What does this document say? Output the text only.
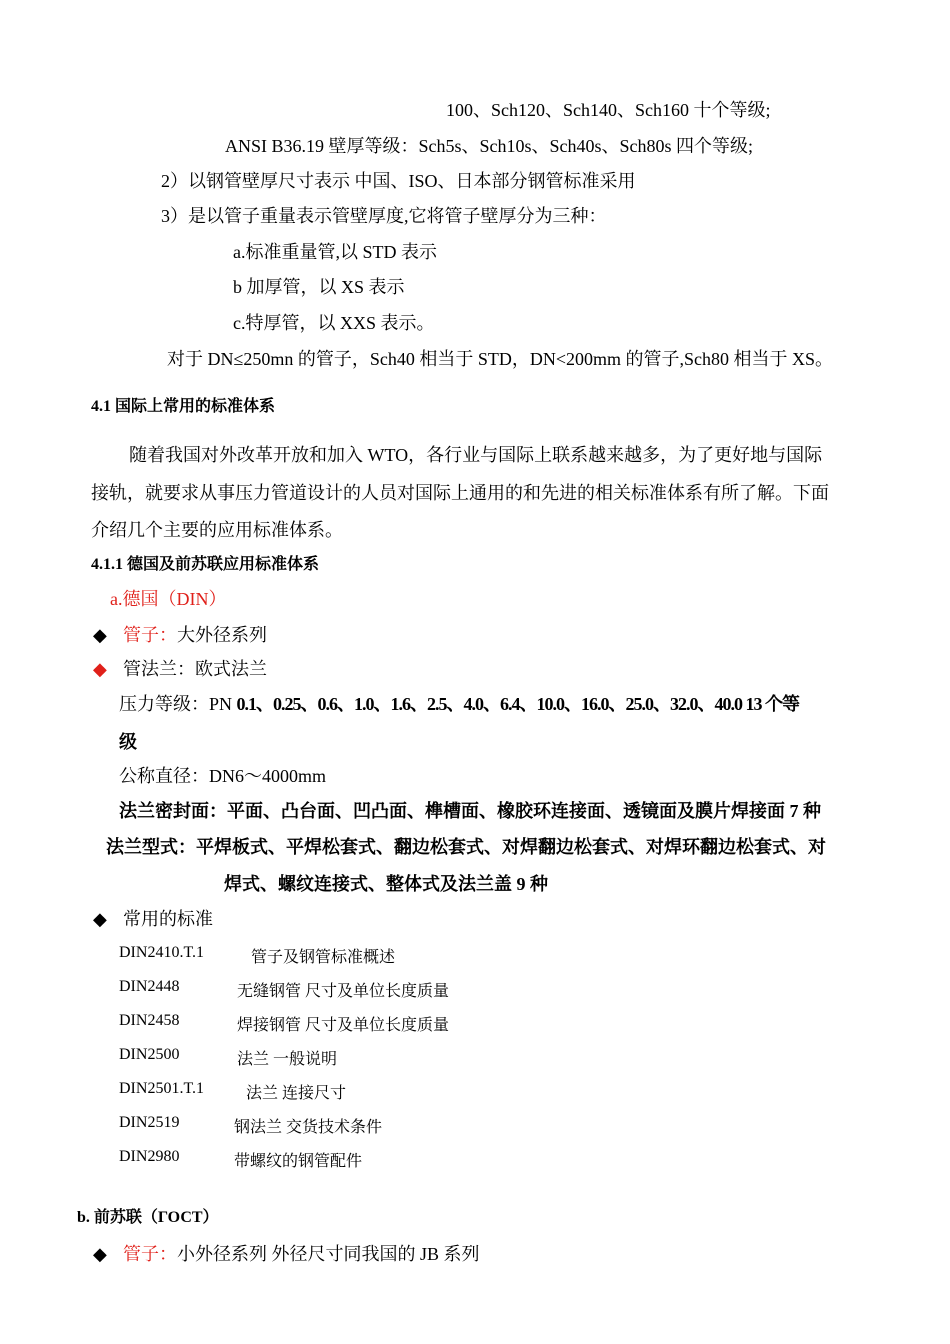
100、Sch120、Sch140、Sch160 十个等级;
ANSI B36.19 壁厚等级：Sch5s、Sch10s、Sch40s、Sch80s 四个等级;
2）以钢管壁厚尺寸表示 中国、ISO、日本部分钢管标准采用
3）是以管子重量表示管壁厚度,它将管子壁厚分为三种：
a.标准重量管,以 STD 表示
b 加厚管，以 XS 表示
c.特厚管，以 XXS 表示。
对于 DN≤250mn 的管子，Sch40 相当于 STD，DN<200mm 的管子,Sch80 相当于 XS。
4.1 国际上常用的标准体系
随着我国对外改革开放和加入 WTO，各行业与国际上联系越来越多，为了更好地与国际
接轨，就要求从事压力管道设计的人员对国际上通用的和先进的相关标准体系有所了解。下面
介绍几个主要的应用标准体系。
4.1.1 德国及前苏联应用标准体系
a.德国（DIN）
◆ 管子：大外径系列
◆ 管法兰：欧式法兰
压力等级：PN 0.1、0.25、0.6、1.0、1.6、2.5、4.0、6.4、10.0、16.0、25.0、32.0、40.0 13 个等
级
公称直径：DN6～4000mm
法兰密封面：平面、凸台面、凹凸面、榫槽面、橡胶环连接面、透镜面及膜片焊接面 7 种
法兰型式：平焊板式、平焊松套式、翻边松套式、对焊翻边松套式、对焊环翻边松套式、对
焊式、螺纹连接式、整体式及法兰盖 9 种
◆ 常用的标准
DIN2410.T.1	管子及钢管标准概述
DIN2448	无缝钢管 尺寸及单位长度质量
DIN2458	焊接钢管 尺寸及单位长度质量
DIN2500	法兰 一般说明
DIN2501.T.1	法兰 连接尺寸
DIN2519	钢法兰 交货技术条件
DIN2980	带螺纹的钢管配件
b. 前苏联（ГОСТ）
◆ 管子：小外径系列 外径尺寸同我国的 JB 系列
